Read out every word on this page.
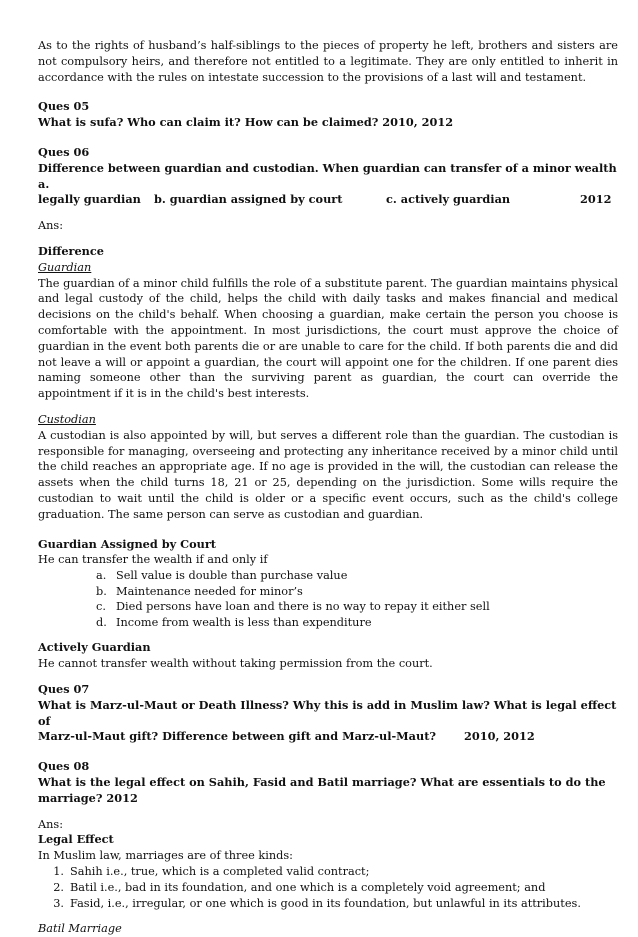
As to the rights of husband’s half-siblings to the pieces of property he left, brothers and sisters are not compulsory heirs, and therefore not entitled to a legitimate. They are only entitled to inherit in accordance with the rules on intestate succession to the provisions of a last will and testament.

Ques 05

What is sufa? Who can claim it? How can be claimed? 2010, 2012

Ques 06

Difference between guardian and custodian. When guardian can transfer of a minor wealth a.

legally guardian b. guardian assigned by court	c. actively guardian	2012

Ans:

Difference

Guardian

The guardian of a minor child fulfills the role of a substitute parent. The guardian maintains physical and legal custody of the child, helps the child with daily tasks and makes financial and medical decisions on the child's behalf. When choosing a guardian, make certain the person you choose is comfortable with the appointment. In most jurisdictions, the court must approve the choice of guardian in the event both parents die or are unable to care for the child. If both parents die and did not leave a will or appoint a guardian, the court will appoint one for the children. If one parent dies naming someone other than the surviving parent as guardian, the court can override the appointment if it is in the child's best interests.

Custodian

A custodian is also appointed by will, but serves a different role than the guardian. The custodian is responsible for managing, overseeing and protecting any inheritance received by a minor child until the child reaches an appropriate age. If no age is provided in the will, the custodian can release the assets when the child turns 18, 21 or 25, depending on the jurisdiction. Some wills require the custodian to wait until the child is older or a specific event occurs, such as the child's college graduation. The same person can serve as custodian and guardian.

Guardian Assigned by Court

He can transfer the wealth if and only if

a. Sell value is double than purchase value
b. Maintenance needed for minor’s
c. Died persons have loan and there is no way to repay it either sell
d. Income from wealth is less than expenditure

Actively Guardian

He cannot transfer wealth without taking permission from the court.

Ques 07

What is Marz-ul-Maut or Death Illness? Why this is add in Muslim law? What is legal effect of

Marz-ul-Maut gift? Difference between gift and Marz-ul-Maut? 2010, 2012

Ques 08

What is the legal effect on Sahih, Fasid and Batil marriage? What are essentials to do the marriage? 2012

Ans:

Legal Effect

In Muslim law, marriages are of three kinds:

1. Sahih i.e., true, which is a completed valid contract;
2. Batil i.e., bad in its foundation, and one which is a completely void agreement; and
3. Fasid, i.e., irregular, or one which is good in its foundation, but unlawful in its attributes.

Batil Marriage
